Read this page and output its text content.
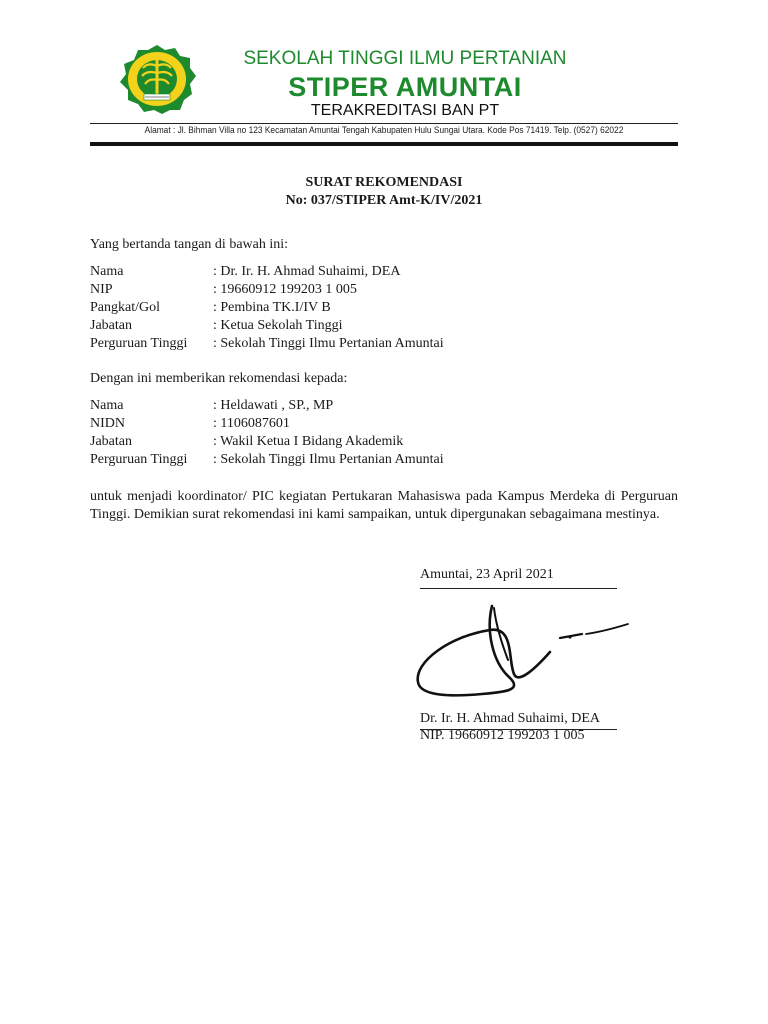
SEKOLAH TINGGI ILMU PERTANIAN
STIPER AMUNTAI
TERAKREDITASI BAN PT
Alamat : Jl. Bihman Villa no 123 Kecamatan Amuntai Tengah Kabupaten Hulu Sungai Utara. Kode Pos 71419. Telp. (0527) 62022
SURAT REKOMENDASI
No: 037/STIPER Amt-K/IV/2021
Yang bertanda tangan di bawah ini:
Nama	: Dr. Ir. H. Ahmad Suhaimi, DEA
NIP	: 19660912 199203 1 005
Pangkat/Gol	: Pembina TK.I/IV B
Jabatan	: Ketua Sekolah Tinggi
Perguruan Tinggi : Sekolah Tinggi Ilmu Pertanian Amuntai
Dengan ini memberikan rekomendasi kepada:
Nama	: Heldawati , SP., MP
NIDN	: 1106087601
Jabatan	: Wakil Ketua I Bidang Akademik
Perguruan Tinggi : Sekolah Tinggi Ilmu Pertanian Amuntai
untuk menjadi koordinator/ PIC kegiatan Pertukaran Mahasiswa pada Kampus Merdeka di Perguruan Tinggi. Demikian surat rekomendasi ini kami sampaikan, untuk dipergunakan sebagaimana mestinya.
Amuntai, 23 April 2021
Dr. Ir. H. Ahmad Suhaimi, DEA
NIP. 19660912 199203 1 005
